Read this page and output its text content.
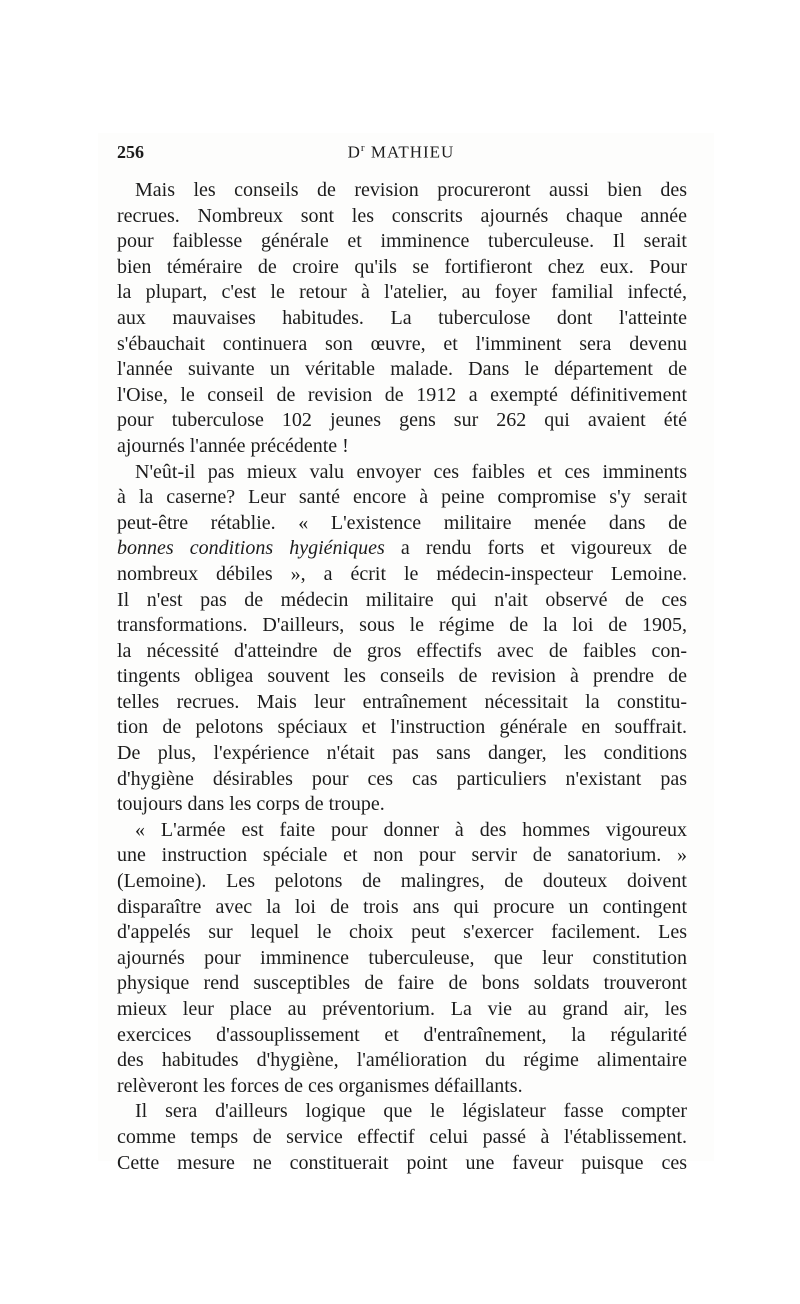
256	$D^r$ MATHIEU
Mais les conseils de revision procureront aussi bien des
recrues. Nombreux sont les conscrits ajournés chaque année
pour faiblesse générale et imminence tuberculeuse. Il serait
bien téméraire de croire qu'ils se fortifieront chez eux. Pour
la plupart, c'est le retour à l'atelier, au foyer familial infecté,
aux mauvaises habitudes. La tuberculose dont l'atteinte
s'ébauchait continuera son œuvre, et l'imminent sera devenu
l'année suivante un véritable malade. Dans le département de
l'Oise, le conseil de revision de 1912 a exempté définitivement
pour tuberculose 102 jeunes gens sur 262 qui avaient été
ajournés l'année précédente !
N'eût-il pas mieux valu envoyer ces faibles et ces imminents
à la caserne? Leur santé encore à peine compromise s'y serait
peut-être rétablie. « L'existence militaire menée dans de
bonnes conditions hygiéniques a rendu forts et vigoureux de
nombreux débiles », a écrit le médecin-inspecteur Lemoine.
Il n'est pas de médecin militaire qui n'ait observé de ces
transformations. D'ailleurs, sous le régime de la loi de 1905,
la nécessité d'atteindre de gros effectifs avec de faibles con-
tingents obligea souvent les conseils de revision à prendre de
telles recrues. Mais leur entraînement nécessitait la constitu-
tion de pelotons spéciaux et l'instruction générale en souffrait.
De plus, l'expérience n'était pas sans danger, les conditions
d'hygiène désirables pour ces cas particuliers n'existant pas
toujours dans les corps de troupe.
« L'armée est faite pour donner à des hommes vigoureux
une instruction spéciale et non pour servir de sanatorium. »
(Lemoine). Les pelotons de malingres, de douteux doivent
disparaître avec la loi de trois ans qui procure un contingent
d'appelés sur lequel le choix peut s'exercer facilement. Les
ajournés pour imminence tuberculeuse, que leur constitution
physique rend susceptibles de faire de bons soldats trouveront
mieux leur place au préventorium. La vie au grand air, les
exercices d'assouplissement et d'entraînement, la régularité
des habitudes d'hygiène, l'amélioration du régime alimentaire
relèveront les forces de ces organismes défaillants.
Il sera d'ailleurs logique que le législateur fasse compter
comme temps de service effectif celui passé à l'établissement.
Cette mesure ne constituerait point une faveur puisque ces
